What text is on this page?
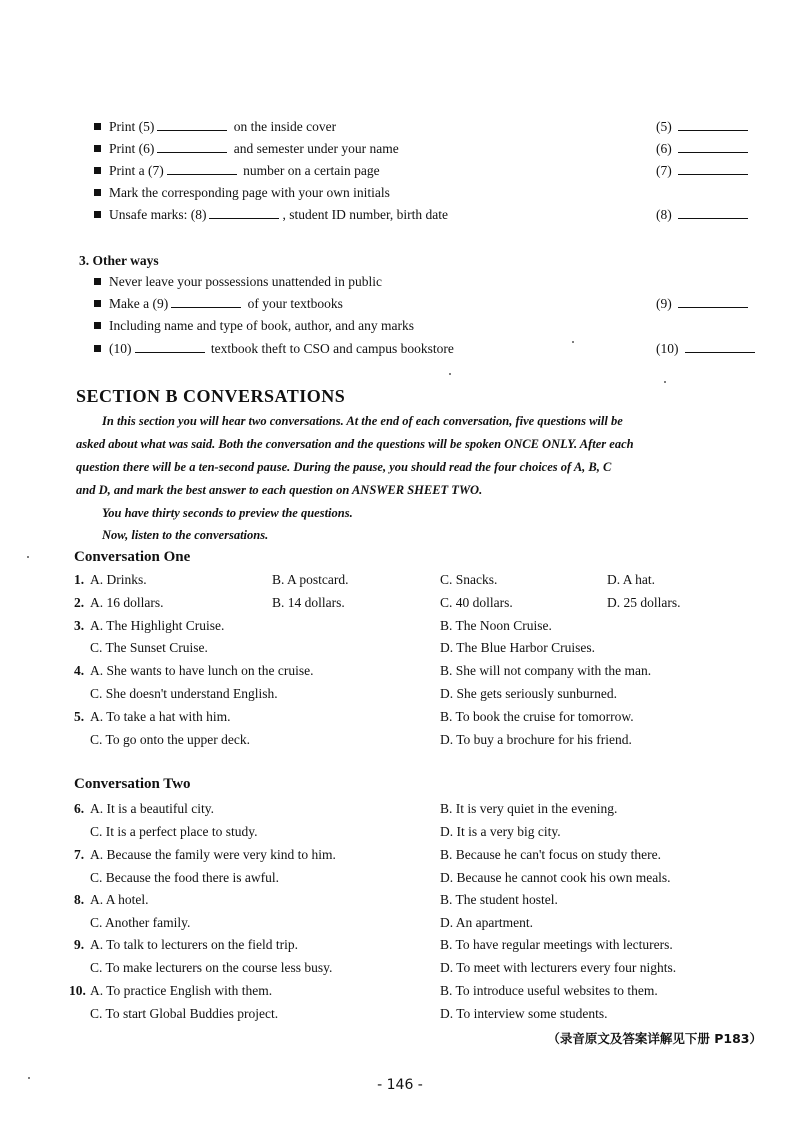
Print (5)	on the inside cover	(5)
Print (6)	and semester under your name	(6)
Print a (7)	number on a certain page	(7)
Mark the corresponding page with your own initials
Unsafe marks: (8)	, student ID number, birth date	(8)
3. Other ways
Never leave your possessions unattended in public
Make a (9)	of your textbooks	(9)
Including name and type of book, author, and any marks
(10)	textbook theft to CSO and campus bookstore	(10)
SECTION B CONVERSATIONS
In this section you will hear two conversations. At the end of each conversation, five questions will be
asked about what was said. Both the conversation and the questions will be spoken ONCE ONLY. After each
question there will be a ten-second pause. During the pause, you should read the four choices of A, B, C
and D, and mark the best answer to each question on ANSWER SHEET TWO.
You have thirty seconds to preview the questions.
Now, listen to the conversations.
Conversation One
1. A. Drinks.	B. A postcard.	C. Snacks.	D. A hat.
2. A. 16 dollars.	B. 14 dollars.	C. 40 dollars.	D. 25 dollars.
3. A. The Highlight Cruise.	B. The Noon Cruise.
C. The Sunset Cruise.	D. The Blue Harbor Cruises.
4. A. She wants to have lunch on the cruise.	B. She will not company with the man.
C. She doesn't understand English.	D. She gets seriously sunburned.
5. A. To take a hat with him.	B. To book the cruise for tomorrow.
C. To go onto the upper deck.	D. To buy a brochure for his friend.
Conversation Two
6. A. It is a beautiful city.	B. It is very quiet in the evening.
C. It is a perfect place to study.	D. It is a very big city.
7. A. Because the family were very kind to him.	B. Because he can't focus on study there.
C. Because the food there is awful.	D. Because he cannot cook his own meals.
8. A. A hotel.	B. The student hostel.
C. Another family.	D. An apartment.
9. A. To talk to lecturers on the field trip.	B. To have regular meetings with lecturers.
C. To make lecturers on the course less busy.	D. To meet with lecturers every four nights.
10. A. To practice English with them.	B. To introduce useful websites to them.
C. To start Global Buddies project.	D. To interview some students.
（录音原文及答案详解见下册 P183）
- 146 -
